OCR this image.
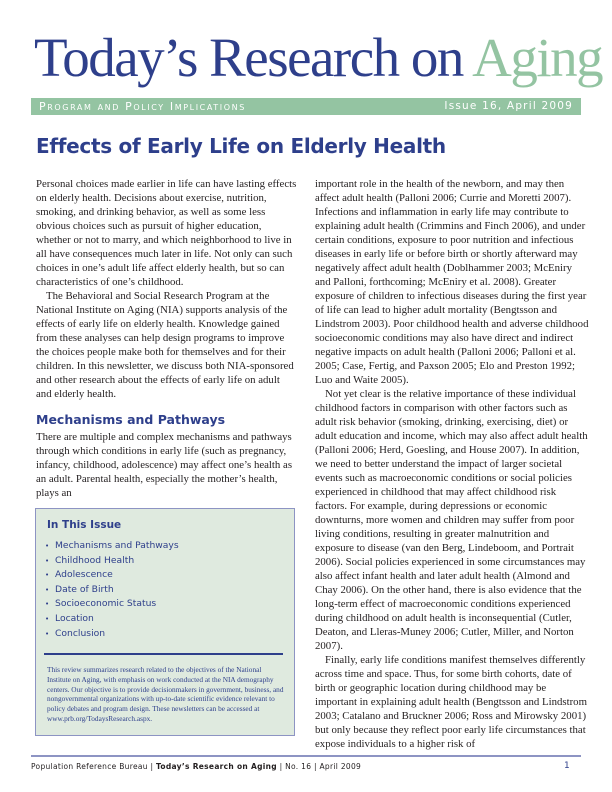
Today’s Research on Aging
Program and Policy Implications	Issue 16, April 2009
Effects of Early Life on Elderly Health

Personal choices made earlier in life can have lasting effects on elderly health. Decisions about exercise, nutrition, smoking, and drinking behavior, as well as some less obvious choices such as pursuit of higher education, whether or not to marry, and which neighborhood to live in all have consequences much later in life. Not only can such choices in one’s adult life affect elderly health, but so can characteristics of one’s childhood.

The Behavioral and Social Research Program at the National Institute on Aging (NIA) supports analysis of the effects of early life on elderly health. Knowledge gained from these analyses can help design programs to improve the choices people make both for themselves and for their children. In this newsletter, we discuss both NIA-sponsored and other research about the effects of early life on adult and elderly health.

Mechanisms and Pathways

There are multiple and complex mechanisms and pathways through which conditions in early life (such as pregnancy, infancy, childhood, adolescence) may affect one’s health as an adult. Parental health, especially the mother’s health, plays an

important role in the health of the newborn, and may then affect adult health (Palloni 2006; Currie and Moretti 2007). Infections and inflammation in early life may contribute to explaining adult health (Crimmins and Finch 2006), and under certain conditions, exposure to poor nutrition and infectious diseases in early life or before birth or shortly afterward may negatively affect adult health (Doblhammer 2003; McEniry and Palloni, forthcoming; McEniry et al. 2008). Greater exposure of children to infectious diseases during the first year of life can lead to higher adult mortality (Bengtsson and Lindstrom 2003). Poor childhood health and adverse childhood socioeconomic conditions may also have direct and indirect negative impacts on adult health (Palloni 2006; Palloni et al. 2005; Case, Fertig, and Paxson 2005; Elo and Preston 1992; Luo and Waite 2005).

Not yet clear is the relative importance of these individual childhood factors in comparison with other factors such as adult risk behavior (smoking, drinking, exercising, diet) or adult education and income, which may also affect adult health (Palloni 2006; Herd, Goesling, and House 2007). In addition, we need to better understand the impact of larger societal events such as macroeconomic conditions or social policies experienced in childhood that may affect childhood risk factors. For example, during depressions or economic downturns, more women and children may suffer from poor living conditions, resulting in greater malnutrition and exposure to disease (van den Berg, Lindeboom, and Portrait 2006). Social policies experienced in some circumstances may also affect infant health and later adult health (Almond and Chay 2006). On the other hand, there is also evidence that the long-term effect of macroeconomic conditions experienced during childhood on adult health is inconsequential (Cutler, Deaton, and Lleras-Muney 2006; Cutler, Miller, and Norton 2007).

Finally, early life conditions manifest themselves differently across time and space. Thus, for some birth cohorts, date of birth or geographic location during childhood may be important in explaining adult health (Bengtsson and Lindstrom 2003; Catalano and Bruckner 2006; Ross and Mirowsky 2001) but only because they reflect poor early life circumstances that expose individuals to a higher risk of

In This Issue
• Mechanisms and Pathways
• Childhood Health
• Adolescence
• Date of Birth
• Socioeconomic Status
• Location
• Conclusion
This review summarizes research related to the objectives of the National Institute on Aging, with emphasis on work conducted at the NIA demography centers. Our objective is to provide decisionmakers in government, business, and nongovernmental organizations with up-to-date scientific evidence relevant to policy debates and program design. These newsletters can be accessed at www.prb.org/TodaysResearch.aspx.
Population Reference Bureau | Today’s Research on Aging | No. 16 | April 2009	1
